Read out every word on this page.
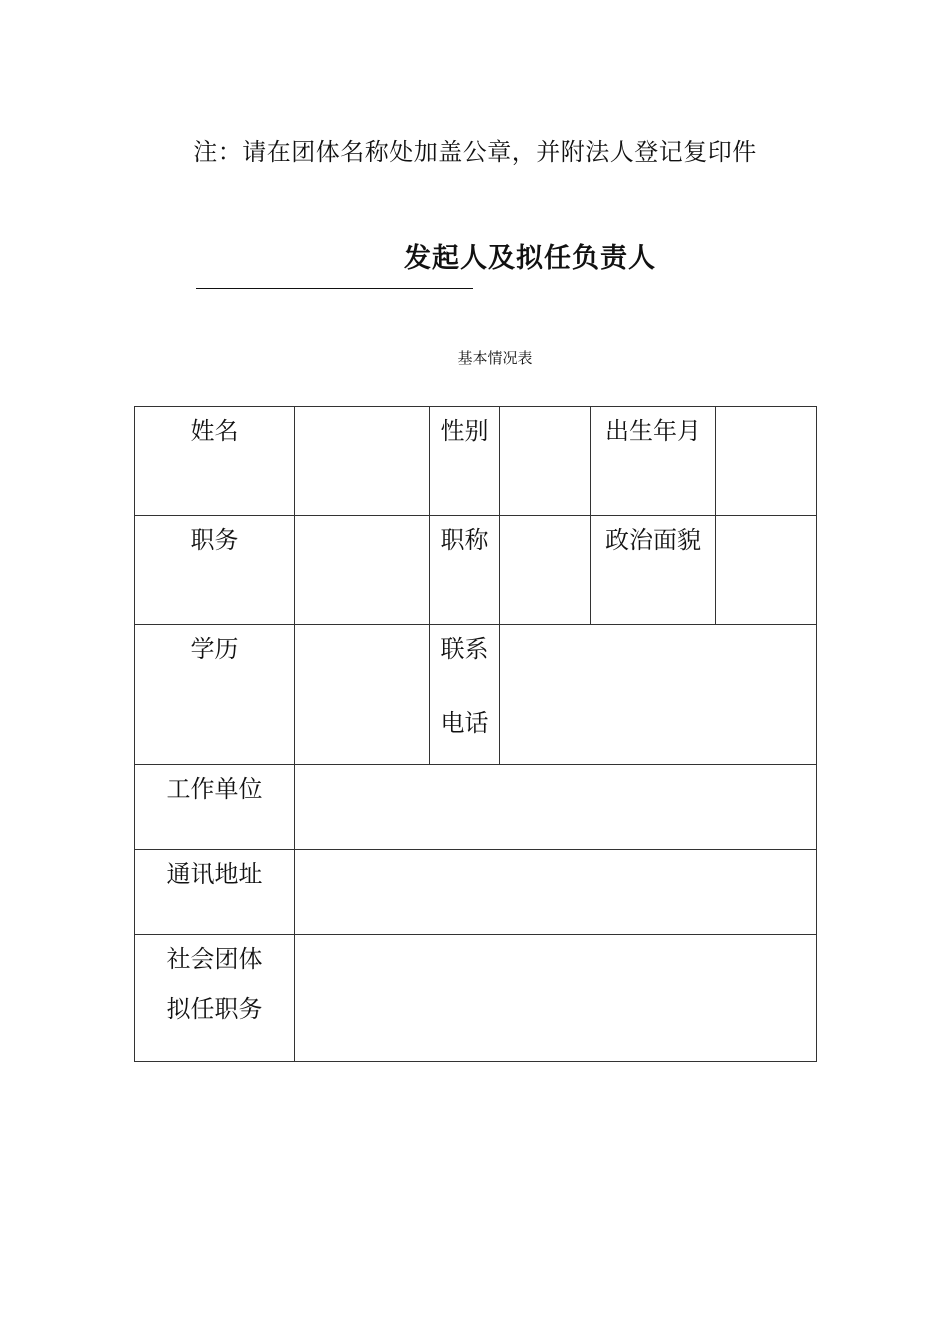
注：请在团体名称处加盖公章，并附法人登记复印件
发起人及拟任负责人
基本情况表
姓名		性别		出生年月	
职务		职称		政治面貌	
学历		联系
电话			

工作单位					
通讯地址					

社会团体
拟任职务					
